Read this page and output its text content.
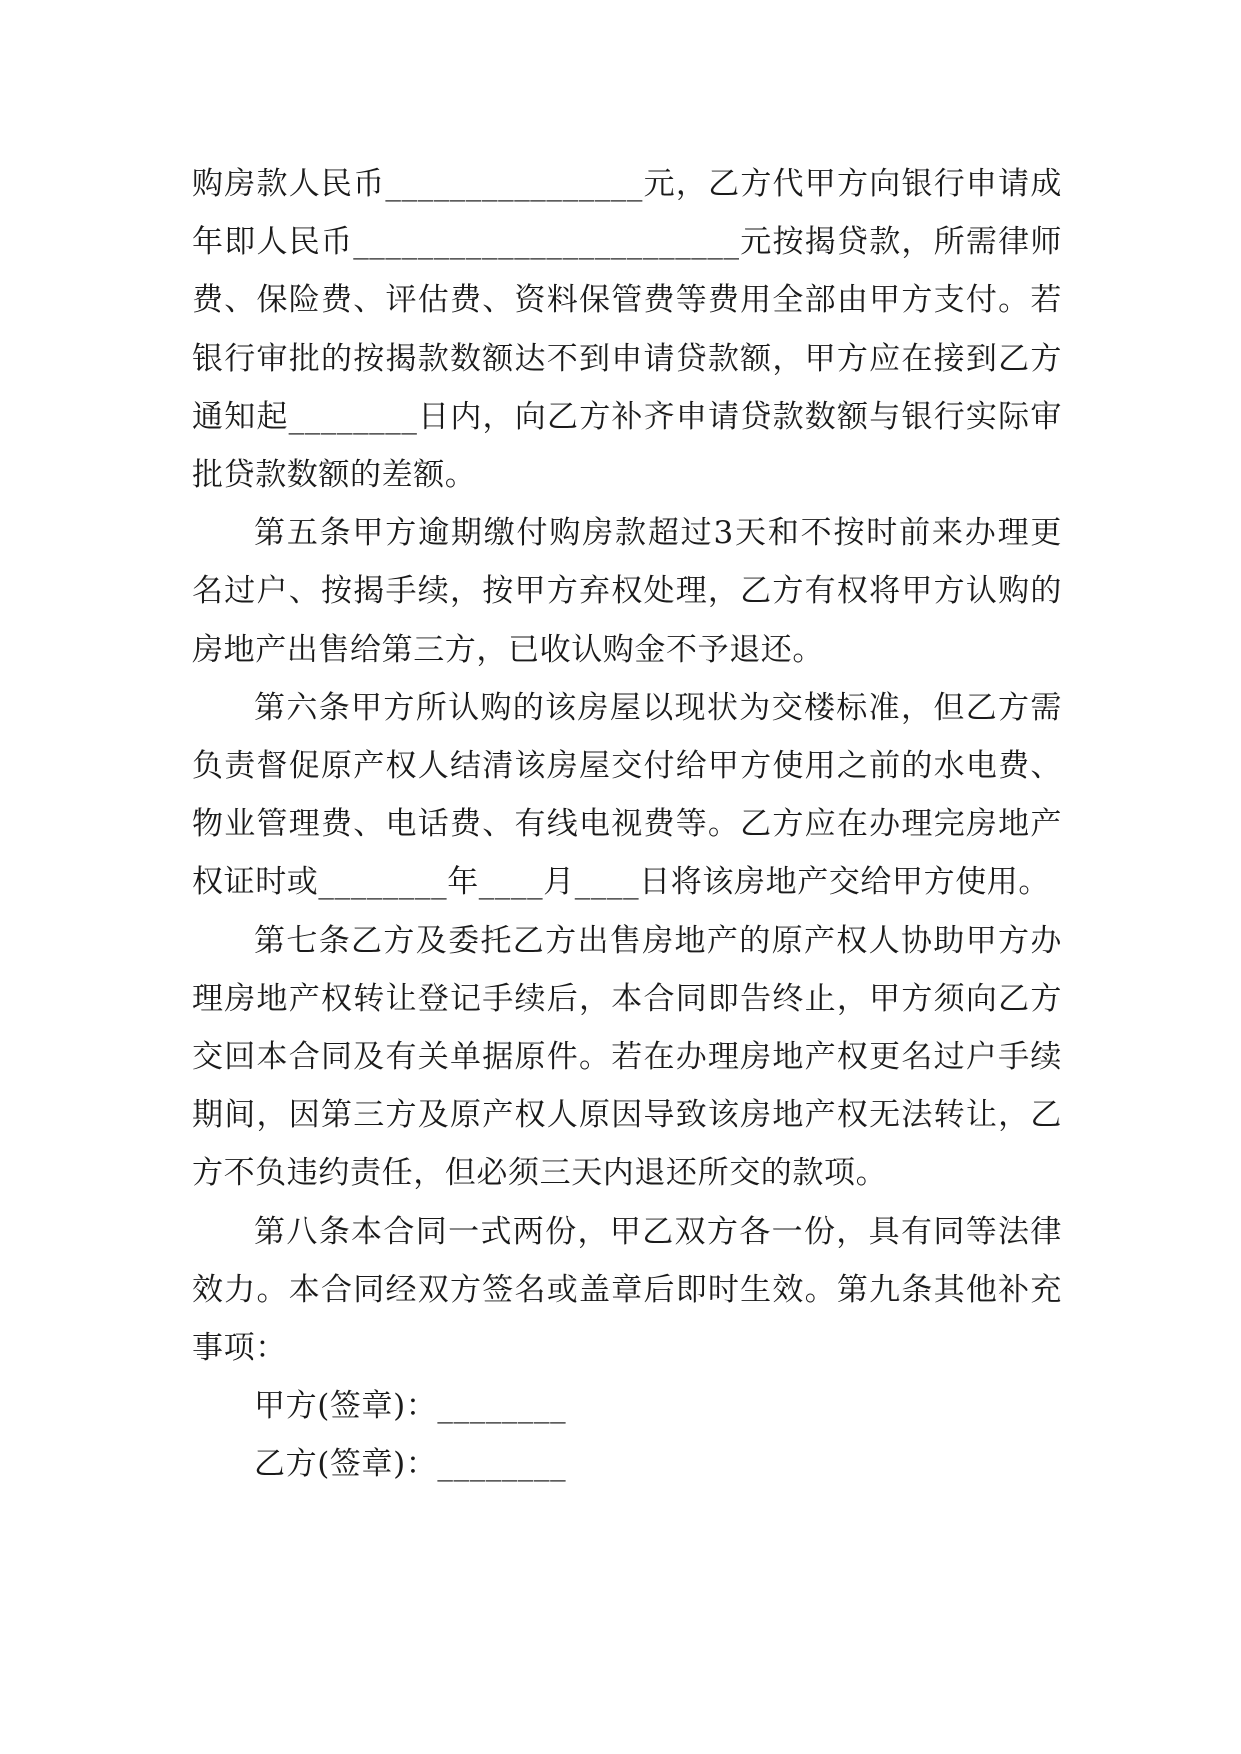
购房款人民币________________元，乙方代甲方向银行申请成年即人民币________________________元按揭贷款，所需律师费、保险费、评估费、资料保管费等费用全部由甲方支付。若银行审批的按揭款数额达不到申请贷款额，甲方应在接到乙方通知起________日内，向乙方补齐申请贷款数额与银行实际审批贷款数额的差额。

第五条甲方逾期缴付购房款超过3天和不按时前来办理更名过户、按揭手续，按甲方弃权处理，乙方有权将甲方认购的房地产出售给第三方，已收认购金不予退还。

第六条甲方所认购的该房屋以现状为交楼标准，但乙方需负责督促原产权人结清该房屋交付给甲方使用之前的水电费、物业管理费、电话费、有线电视费等。乙方应在办理完房地产权证时或________年____月____日将该房地产交给甲方使用。

第七条乙方及委托乙方出售房地产的原产权人协助甲方办理房地产权转让登记手续后，本合同即告终止，甲方须向乙方交回本合同及有关单据原件。若在办理房地产权更名过户手续期间，因第三方及原产权人原因导致该房地产权无法转让，乙方不负违约责任，但必须三天内退还所交的款项。

第八条本合同一式两份，甲乙双方各一份，具有同等法律效力。本合同经双方签名或盖章后即时生效。第九条其他补充事项：

甲方(签章)：________

乙方(签章)：________
